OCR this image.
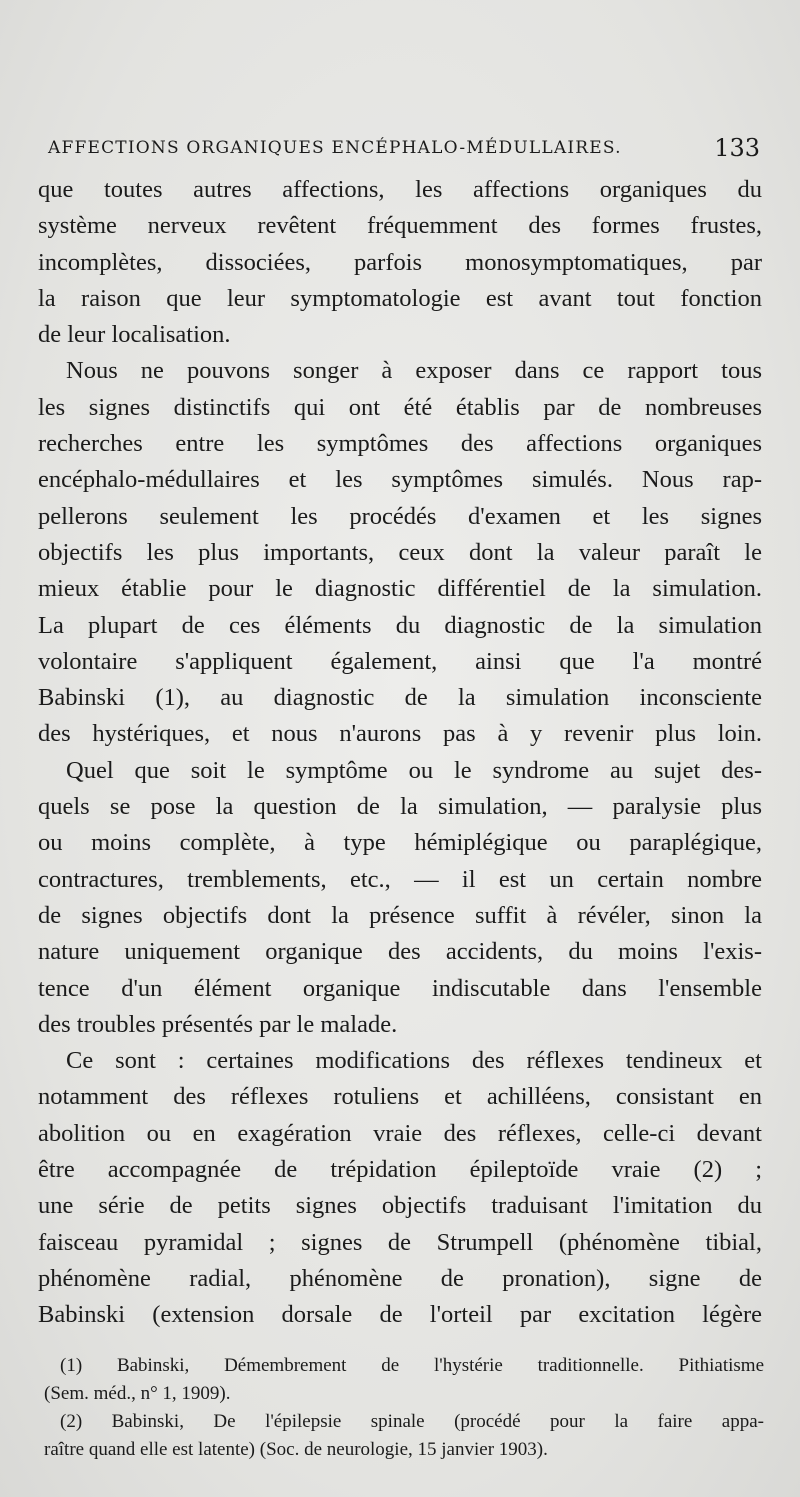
AFFECTIONS ORGANIQUES ENCÉPHALO-MÉDULLAIRES.	133
que toutes autres affections, les affections organiques du
système nerveux revêtent fréquemment des formes frustes,
incomplètes, dissociées, parfois monosymptomatiques, par
la raison que leur symptomatologie est avant tout fonction
de leur localisation.
Nous ne pouvons songer à exposer dans ce rapport tous
les signes distinctifs qui ont été établis par de nombreuses
recherches entre les symptômes des affections organiques
encéphalo-médullaires et les symptômes simulés. Nous rap-
pellerons seulement les procédés d'examen et les signes
objectifs les plus importants, ceux dont la valeur paraît le
mieux établie pour le diagnostic différentiel de la simulation.
La plupart de ces éléments du diagnostic de la simulation
volontaire s'appliquent également, ainsi que l'a montré
Babinski (1), au diagnostic de la simulation inconsciente
des hystériques, et nous n'aurons pas à y revenir plus loin.
Quel que soit le symptôme ou le syndrome au sujet des-
quels se pose la question de la simulation, — paralysie plus
ou moins complète, à type hémiplégique ou paraplégique,
contractures, tremblements, etc., — il est un certain nombre
de signes objectifs dont la présence suffit à révéler, sinon la
nature uniquement organique des accidents, du moins l'exis-
tence d'un élément organique indiscutable dans l'ensemble
des troubles présentés par le malade.
Ce sont : certaines modifications des réflexes tendineux et
notamment des réflexes rotuliens et achilléens, consistant en
abolition ou en exagération vraie des réflexes, celle-ci devant
être accompagnée de trépidation épileptoïde vraie (2) ;
une série de petits signes objectifs traduisant l'imitation du
faisceau pyramidal ; signes de Strumpell (phénomène tibial,
phénomène radial, phénomène de pronation), signe de
Babinski (extension dorsale de l'orteil par excitation légère
(1) Babinski, Démembrement de l'hystérie traditionnelle. Pithiatisme
(Sem. méd., n° 1, 1909).
(2) Babinski, De l'épilepsie spinale (procédé pour la faire appa-
raître quand elle est latente) (Soc. de neurologie, 15 janvier 1903).
